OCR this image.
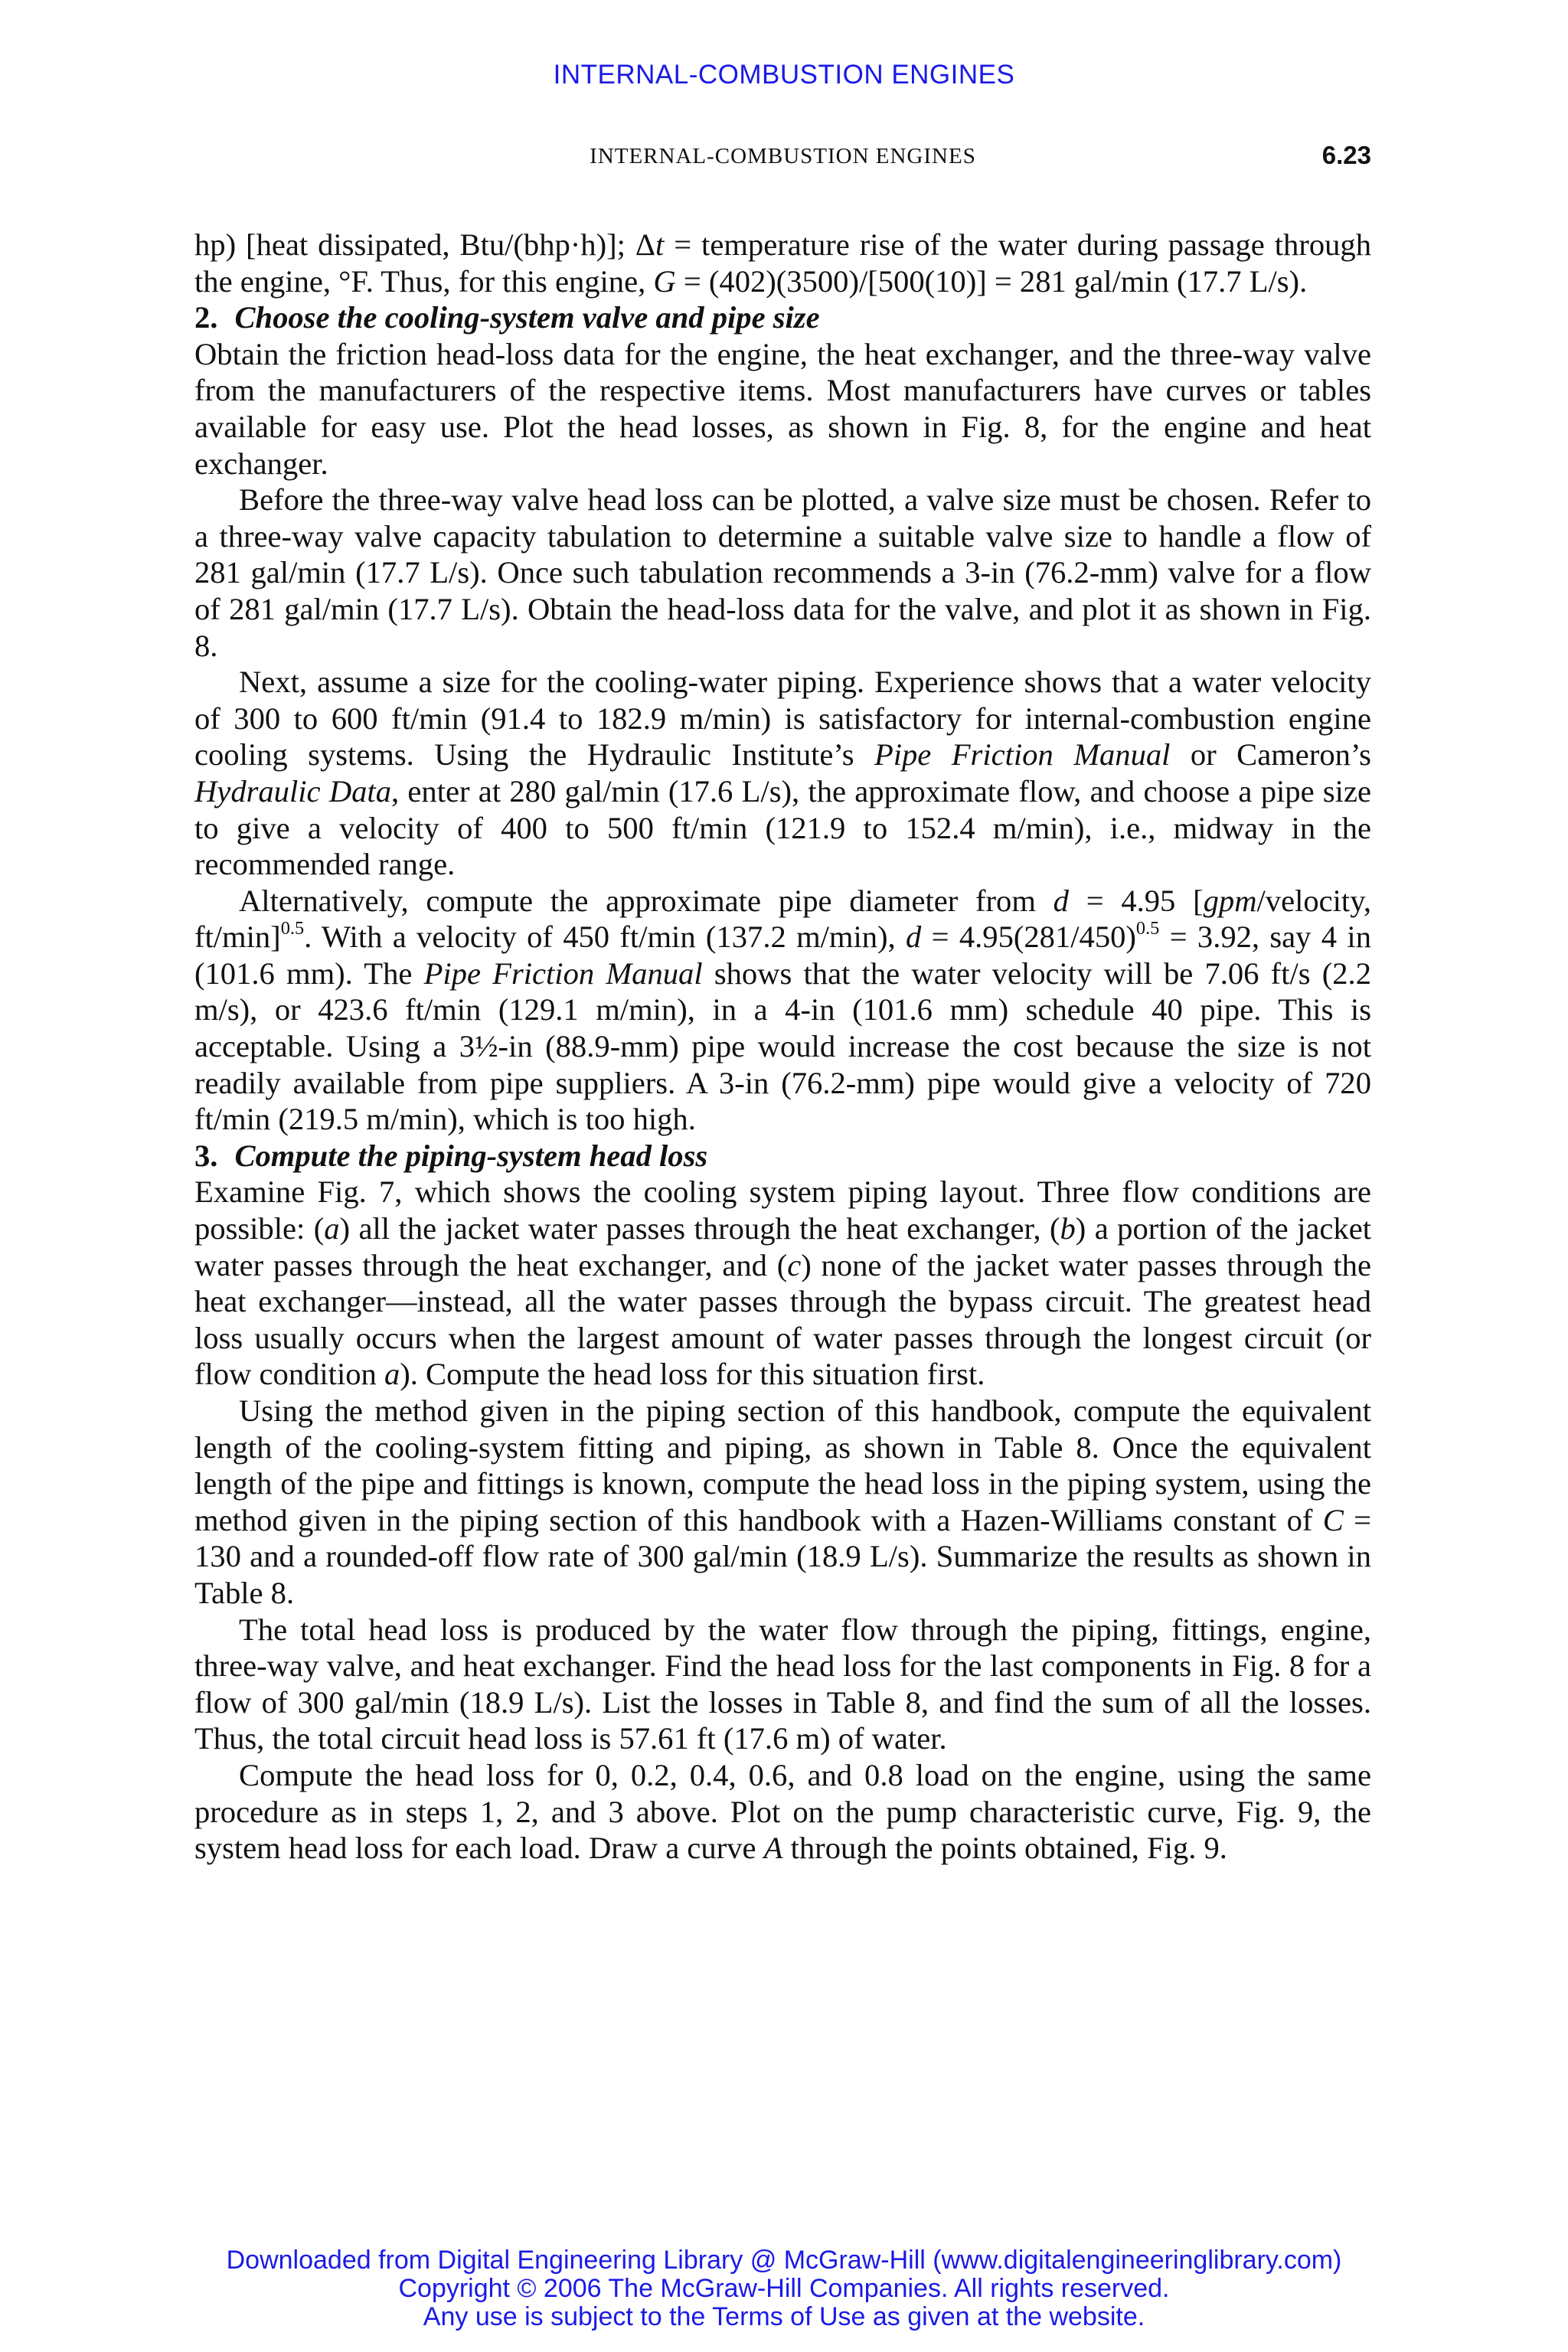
INTERNAL-COMBUSTION ENGINES
INTERNAL-COMBUSTION ENGINES	6.23

hp) [heat dissipated, Btu/(bhp·h)]; Δt = temperature rise of the water during passage through the engine, °F. Thus, for this engine, G = (402)(3500)/[500(10)] = 281 gal/min (17.7 L/s).

2. Choose the cooling-system valve and pipe size

Obtain the friction head-loss data for the engine, the heat exchanger, and the three-way valve from the manufacturers of the respective items. Most manufacturers have curves or tables available for easy use. Plot the head losses, as shown in Fig. 8, for the engine and heat exchanger.

Before the three-way valve head loss can be plotted, a valve size must be chosen. Refer to a three-way valve capacity tabulation to determine a suitable valve size to handle a flow of 281 gal/min (17.7 L/s). Once such tabulation recommends a 3-in (76.2-mm) valve for a flow of 281 gal/min (17.7 L/s). Obtain the head-loss data for the valve, and plot it as shown in Fig. 8.

Next, assume a size for the cooling-water piping. Experience shows that a water velocity of 300 to 600 ft/min (91.4 to 182.9 m/min) is satisfactory for internal-combustion engine cooling systems. Using the Hydraulic Institute’s Pipe Friction Manual or Cameron’s Hydraulic Data, enter at 280 gal/min (17.6 L/s), the approximate flow, and choose a pipe size to give a velocity of 400 to 500 ft/min (121.9 to 152.4 m/min), i.e., midway in the recommended range.

Alternatively, compute the approximate pipe diameter from d = 4.95 [gpm/velocity, ft/min]$^{0.5}$. With a velocity of 450 ft/min (137.2 m/min), $d = 4.95(281/450)^{0.5} = 3.92$, say 4 in (101.6 mm). The Pipe Friction Manual shows that the water velocity will be 7.06 ft/s (2.2 m/s), or 423.6 ft/min (129.1 m/min), in a 4-in (101.6 mm) schedule 40 pipe. This is acceptable. Using a 3½-in (88.9-mm) pipe would increase the cost because the size is not readily available from pipe suppliers. A 3-in (76.2-mm) pipe would give a velocity of 720 ft/min (219.5 m/min), which is too high.

3. Compute the piping-system head loss

Examine Fig. 7, which shows the cooling system piping layout. Three flow conditions are possible: (a) all the jacket water passes through the heat exchanger, (b) a portion of the jacket water passes through the heat exchanger, and (c) none of the jacket water passes through the heat exchanger—instead, all the water passes through the bypass circuit. The greatest head loss usually occurs when the largest amount of water passes through the longest circuit (or flow condition a). Compute the head loss for this situation first.

Using the method given in the piping section of this handbook, compute the equivalent length of the cooling-system fitting and piping, as shown in Table 8. Once the equivalent length of the pipe and fittings is known, compute the head loss in the piping system, using the method given in the piping section of this handbook with a Hazen-Williams constant of C = 130 and a rounded-off flow rate of 300 gal/min (18.9 L/s). Summarize the results as shown in Table 8.

The total head loss is produced by the water flow through the piping, fittings, engine, three-way valve, and heat exchanger. Find the head loss for the last components in Fig. 8 for a flow of 300 gal/min (18.9 L/s). List the losses in Table 8, and find the sum of all the losses. Thus, the total circuit head loss is 57.61 ft (17.6 m) of water.

Compute the head loss for 0, 0.2, 0.4, 0.6, and 0.8 load on the engine, using the same procedure as in steps 1, 2, and 3 above. Plot on the pump characteristic curve, Fig. 9, the system head loss for each load. Draw a curve A through the points obtained, Fig. 9.

Downloaded from Digital Engineering Library @ McGraw-Hill (www.digitalengineeringlibrary.com)
Copyright © 2006 The McGraw-Hill Companies. All rights reserved.
Any use is subject to the Terms of Use as given at the website.
